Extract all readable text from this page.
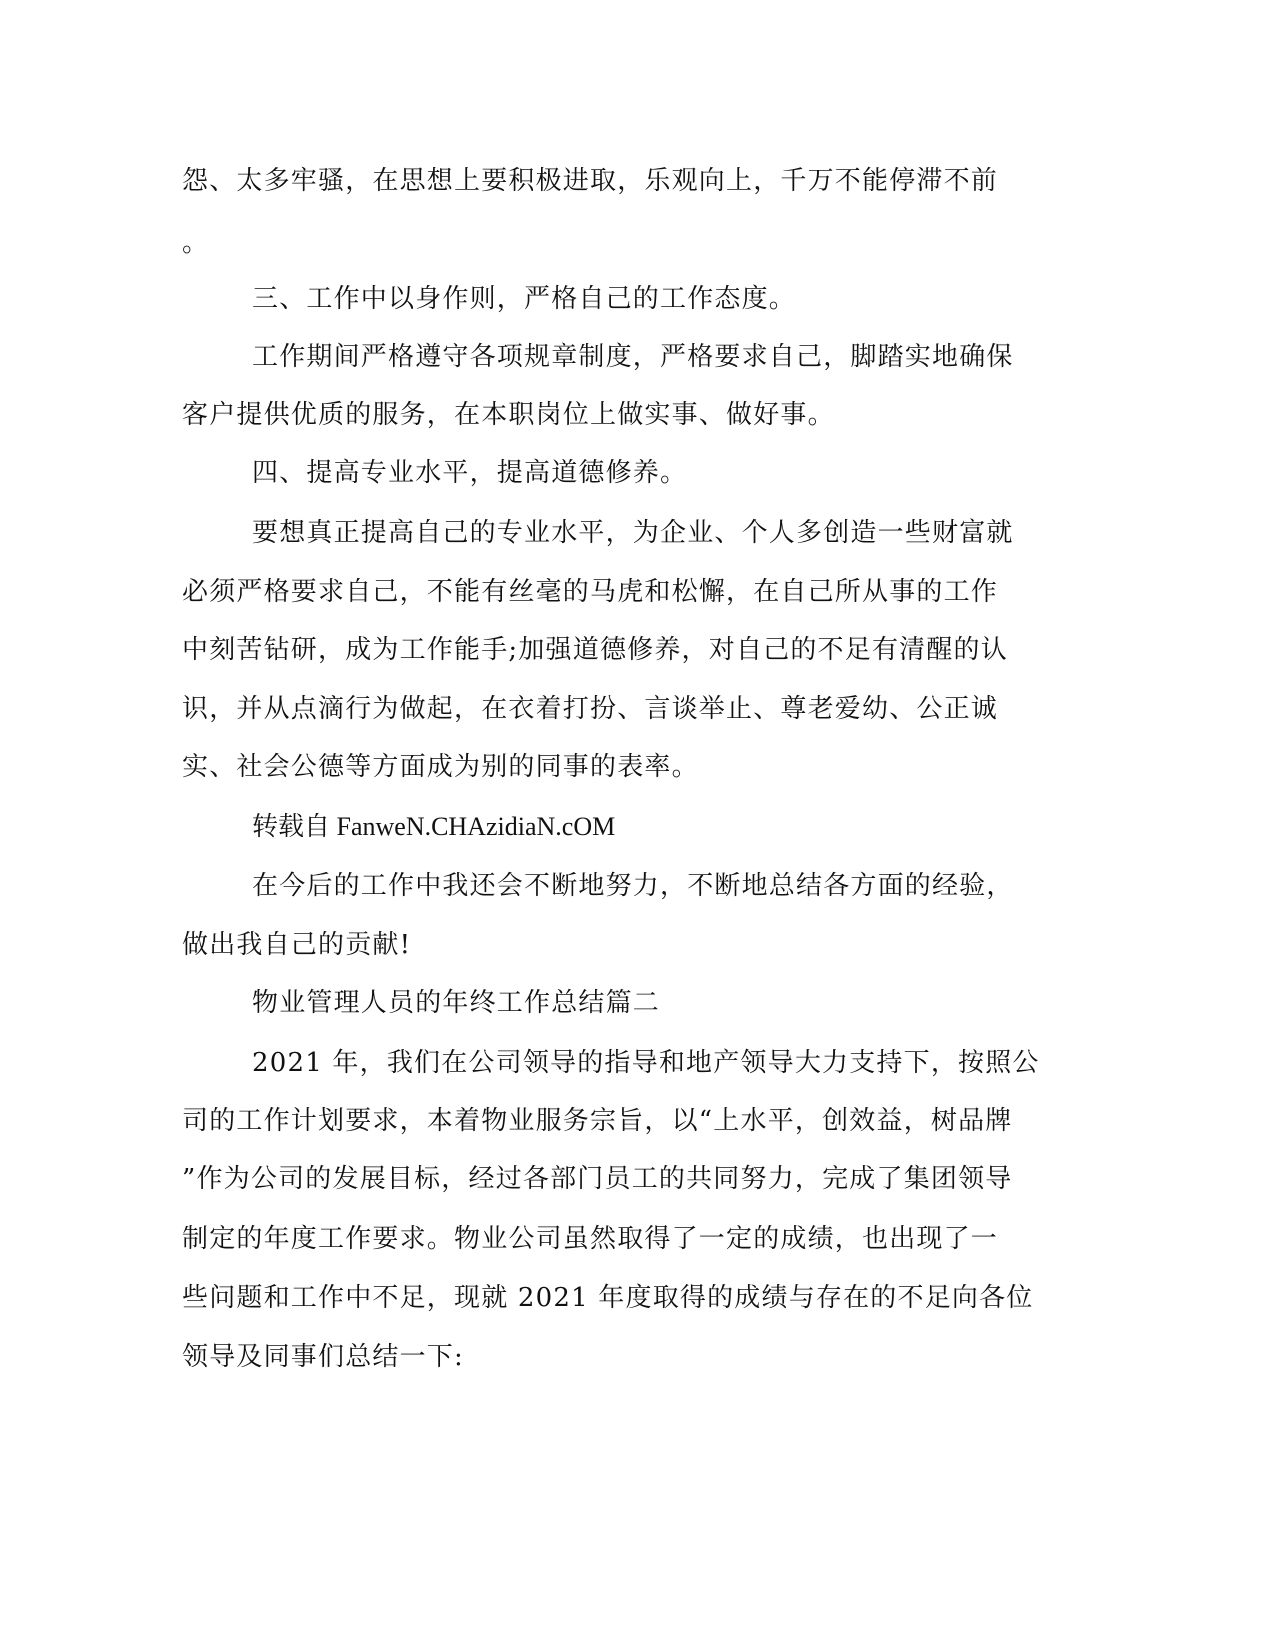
怨、太多牢骚，在思想上要积极进取，乐观向上，千万不能停滞不前
。
三、工作中以身作则，严格自己的工作态度。
工作期间严格遵守各项规章制度，严格要求自己，脚踏实地确保
客户提供优质的服务，在本职岗位上做实事、做好事。
四、提高专业水平，提高道德修养。
要想真正提高自己的专业水平，为企业、个人多创造一些财富就
必须严格要求自己，不能有丝毫的马虎和松懈，在自己所从事的工作
中刻苦钻研，成为工作能手;加强道德修养，对自己的不足有清醒的认
识，并从点滴行为做起，在衣着打扮、言谈举止、尊老爱幼、公正诚
实、社会公德等方面成为别的同事的表率。
转载自 FanweN.CHAzidiaN.cOM
在今后的工作中我还会不断地努力，不断地总结各方面的经验，
做出我自己的贡献!
物业管理人员的年终工作总结篇二
2021 年，我们在公司领导的指导和地产领导大力支持下，按照公
司的工作计划要求，本着物业服务宗旨，以“上水平，创效益，树品牌
”作为公司的发展目标，经过各部门员工的共同努力，完成了集团领导
制定的年度工作要求。物业公司虽然取得了一定的成绩，也出现了一
些问题和工作中不足，现就 2021 年度取得的成绩与存在的不足向各位
领导及同事们总结一下:
